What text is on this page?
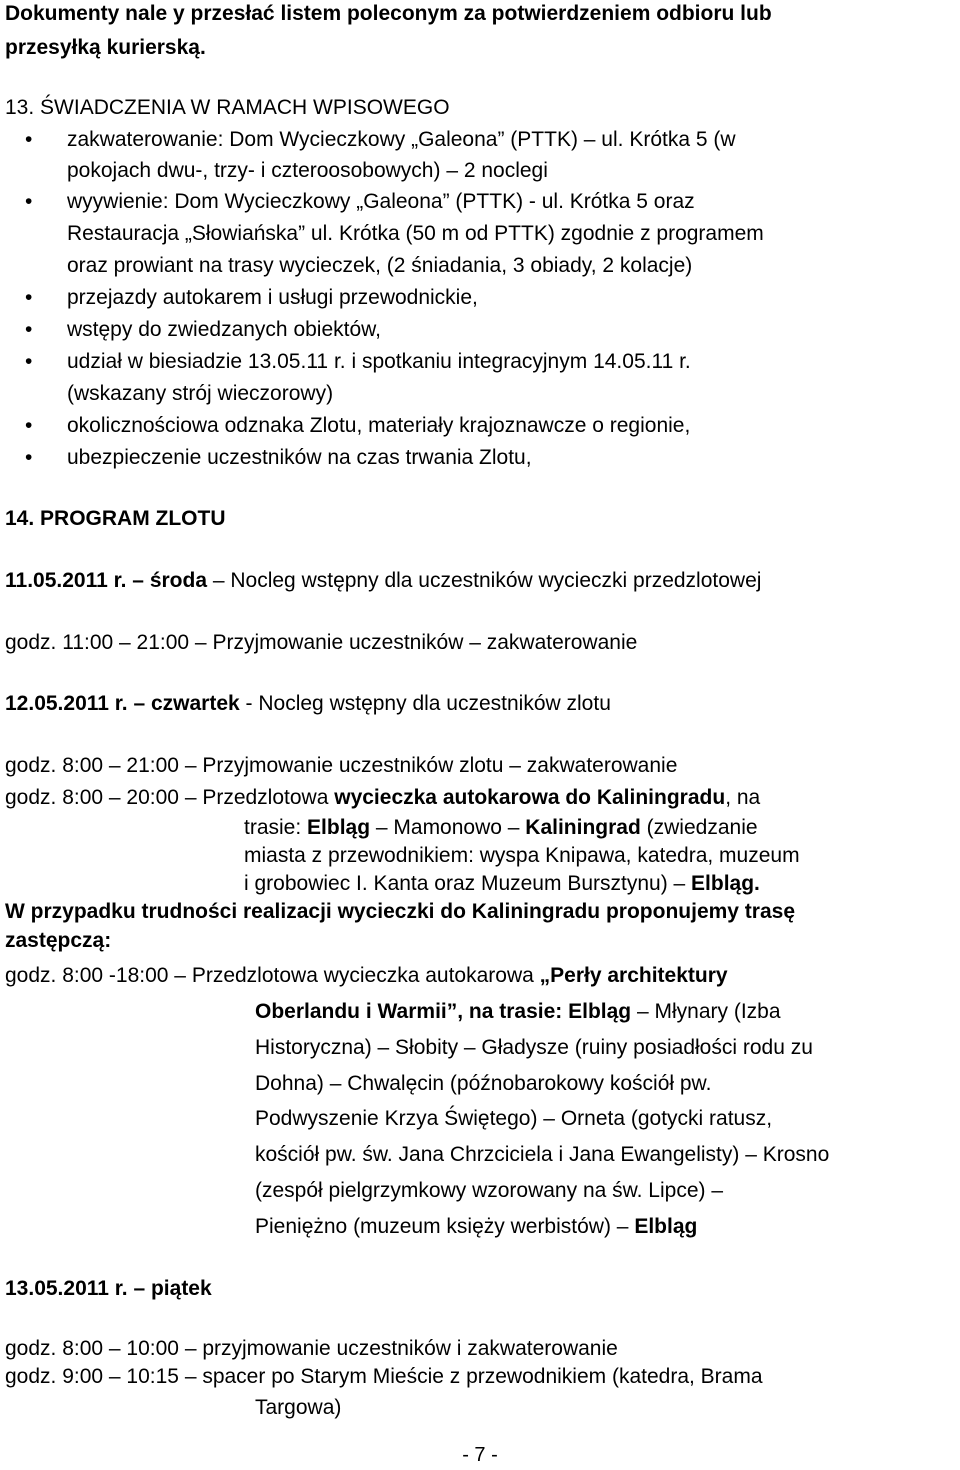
Dokumenty nale y przesłać listem poleconym za potwierdzeniem odbioru lub
przesyłką kurierską.
13. ŚWIADCZENIA W RAMACH WPISOWEGO
• zakwaterowanie: Dom Wycieczkowy „Galeona” (PTTK) – ul. Krótka 5 (w
pokojach dwu-, trzy- i czteroosobowych) – 2 noclegi
• wyywienie: Dom Wycieczkowy „Galeona” (PTTK) - ul. Krótka 5 oraz
Restauracja „Słowiańska” ul. Krótka (50 m od PTTK) zgodnie z programem
oraz prowiant na trasy wycieczek, (2 śniadania, 3 obiady, 2 kolacje)
• przejazdy autokarem i usługi przewodnickie,
• wstępy do zwiedzanych obiektów,
• udział w biesiadzie 13.05.11 r. i spotkaniu integracyjnym 14.05.11 r.
(wskazany strój wieczorowy)
• okolicznościowa odznaka Zlotu, materiały krajoznawcze o regionie,
• ubezpieczenie uczestników na czas trwania Zlotu,
14. PROGRAM ZLOTU
11.05.2011 r. – środa – Nocleg wstępny dla uczestników wycieczki przedzlotowej
godz. 11:00 – 21:00 – Przyjmowanie uczestników – zakwaterowanie
12.05.2011 r. – czwartek - Nocleg wstępny dla uczestników zlotu
godz. 8:00 – 21:00 – Przyjmowanie uczestników zlotu – zakwaterowanie
godz. 8:00 – 20:00 – Przedzlotowa wycieczka autokarowa do Kaliningradu, na
trasie: Elbląg – Mamonowo – Kaliningrad (zwiedzanie
miasta z przewodnikiem: wyspa Knipawa, katedra, muzeum
i grobowiec I. Kanta oraz Muzeum Bursztynu) – Elbląg.
W przypadku trudności realizacji wycieczki do Kaliningradu proponujemy trasę
zastępczą:
godz. 8:00 -18:00 – Przedzlotowa wycieczka autokarowa „Perły architektury
Oberlandu i Warmii”, na trasie: Elbląg – Młynary (Izba
Historyczna) – Słobity – Gładysze (ruiny posiadłości rodu zu
Dohna) – Chwalęcin (późnobarokowy kościół pw.
Podwyszenie Krzya Świętego) – Orneta (gotycki ratusz,
kościół pw. św. Jana Chrzciciela i Jana Ewangelisty) – Krosno
(zespół pielgrzymkowy wzorowany na św. Lipce) –
Pieniężno (muzeum księży werbistów) – Elbląg
13.05.2011 r. – piątek
godz. 8:00 – 10:00 – przyjmowanie uczestników i zakwaterowanie
godz. 9:00 – 10:15 – spacer po Starym Mieście z przewodnikiem (katedra, Brama
Targowa)
- 7 -
